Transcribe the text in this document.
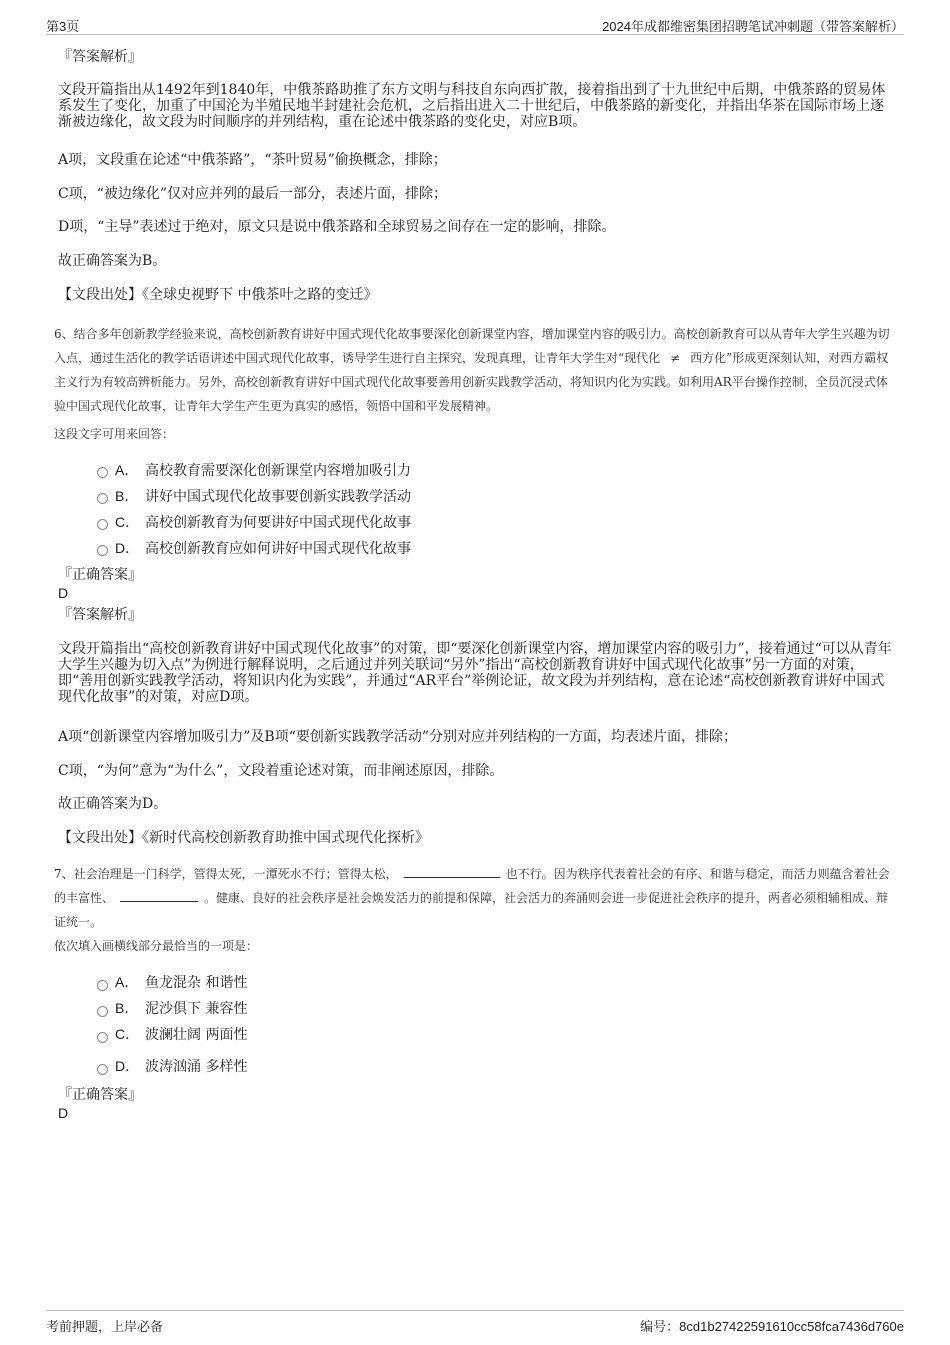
第3页	2024年成都维密集团招聘笔试冲刺题（带答案解析）
『答案解析』
文段开篇指出从1492年到1840年，中俄茶路助推了东方文明与科技自东向西扩散，接着指出到了十九世纪中后期，中俄茶路的贸易体系发生了变化，加重了中国沦为半殖民地半封建社会危机，之后指出进入二十世纪后，中俄茶路的新变化，并指出华茶在国际市场上逐渐被边缘化，故文段为时间顺序的并列结构，重在论述中俄茶路的变化史，对应B项。
A项，文段重在论述“中俄茶路”，“茶叶贸易”偷换概念，排除；
C项，“被边缘化”仅对应并列的最后一部分，表述片面，排除；
D项，“主导”表述过于绝对，原文只是说中俄茶路和全球贸易之间存在一定的影响，排除。
故正确答案为B。
【文段出处】《全球史视野下 中俄茶叶之路的变迁》
6、结合多年创新教学经验来说，高校创新教育讲好中国式现代化故事要深化创新课堂内容，增加课堂内容的吸引力。高校创新教育可以从青年大学生兴趣为切入点，通过生活化的教学话语讲述中国式现代化故事，诱导学生进行自主探究，发现真理，让青年大学生对“现代化 ≠ 西方化”形成更深刻认知，对西方霸权主义行为有较高辨析能力。另外，高校创新教育讲好中国式现代化故事要善用创新实践教学活动，将知识内化为实践。如利用AR平台操作控制，全员沉浸式体验中国式现代化故事，让青年大学生产生更为真实的感悟，领悟中国和平发展精神。
这段文字可用来回答：
A． 高校教育需要深化创新课堂内容增加吸引力
B． 讲好中国式现代化故事要创新实践教学活动
C． 高校创新教育为何要讲好中国式现代化故事
D． 高校创新教育应如何讲好中国式现代化故事
『正确答案』
D
『答案解析』
文段开篇指出“高校创新教育讲好中国式现代化故事”的对策，即“要深化创新课堂内容，增加课堂内容的吸引力”，接着通过“可以从青年大学生兴趣为切入点”为例进行解释说明，之后通过并列关联词“另外”指出“高校创新教育讲好中国式现代化故事”另一方面的对策，即“善用创新实践教学活动，将知识内化为实践”，并通过“AR平台”举例论证，故文段为并列结构，意在论述“高校创新教育讲好中国式现代化故事”的对策，对应D项。
A项“创新课堂内容增加吸引力”及B项“要创新实践教学活动”分别对应并列结构的一方面，均表述片面，排除；
C项，“为何”意为“为什么”，文段着重论述对策，而非阐述原因，排除。
故正确答案为D。
【文段出处】《新时代高校创新教育助推中国式现代化探析》
7、社会治理是一门科学，管得太死，一潭死水不行；管得太松，	也不行。因为秩序代表着社会的有序、和谐与稳定，而活力则蕴含着社会的丰富性、	。健康、良好的社会秩序是社会焕发活力的前提和保障，社会活力的奔涌则会进一步促进社会秩序的提升，两者必须相辅相成、辩证统一。
依次填入画横线部分最恰当的一项是：
A． 鱼龙混杂 和谐性
B． 泥沙俱下 兼容性
C． 波澜壮阔 两面性
D． 波涛汹涌 多样性
『正确答案』
D
考前押题，上岸必备	编号：8cd1b27422591610cc58fca7436d760e
